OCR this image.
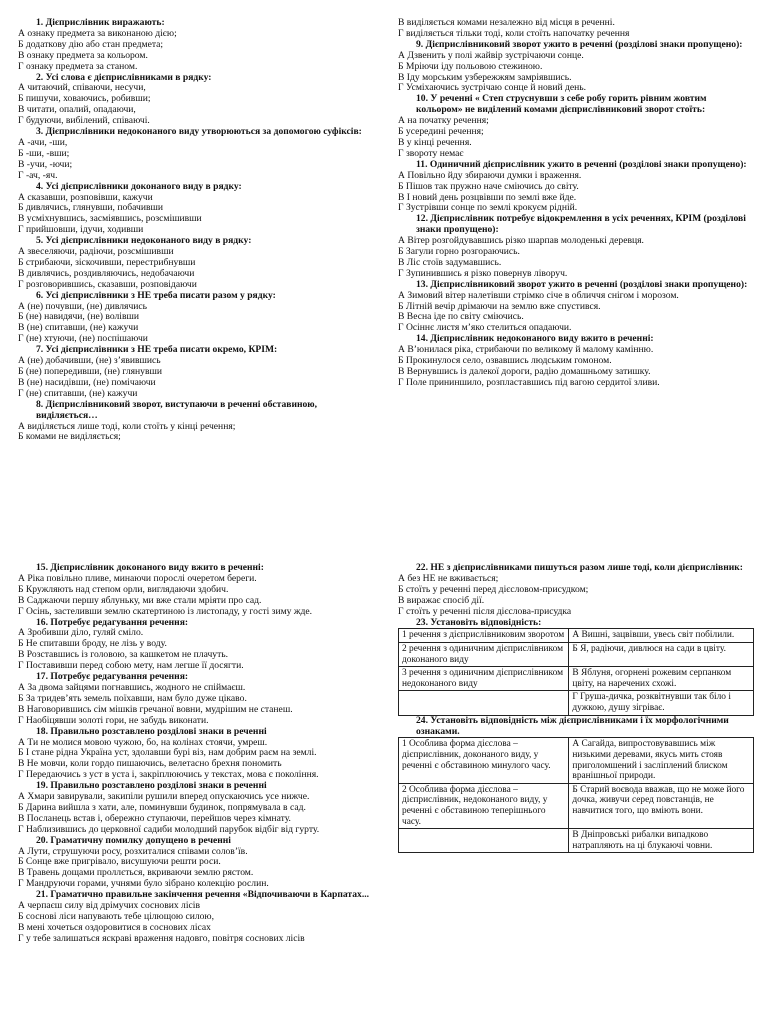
1. Дієприслівник виражають:
А ознаку предмета за виконаною дією;
Б додаткову дію або стан предмета;
В ознаку предмета за кольором.
Г ознаку предмета за станом.
2. Усі слова є дієприслівниками в рядку:
А читаючий, співаючи, несучи,
Б пишучи, ховаючись, робивши;
В читати, опалий, опадаючи,
Г будуючи, вибілений, співаючі.
3. Дієприслівники недоконаного виду утворюються за допомогою суфіксів:
А -ачи, -ши,
Б -ши, -вши;
В -учи, -ючи;
Г -ач, -яч.
4. Усі дієприслівники доконаного виду в рядку:
А сказавши, розповівши, кажучи
Б дивлячись, глянувши, побачивши
В усміхнувшись, засміявшись, розсмішивши
Г прийшовши, ідучи, ходивши
5. Усі дієприслівники недоконаного виду в рядку:
А звеселяючи, радіючи, розсмішивши
Б стрибаючи, зіскочивши, перестрибнувши
В дивлячись, роздивляючись, недобачаючи
Г розговорившись, сказавши, розповідаючи
6. Усі дієприслівники з НЕ треба писати разом у рядку:
А (не) почувши, (не) дивлячись
Б (не) навидячи, (не) волівши
В (не) спитавши, (не) кажучи
Г (не) хтуючи, (не) поспішаючи
7. Усі дієприслівники з НЕ треба писати окремо, КРІМ:
А (не) добачивши, (не) з’явившись
Б (не) попередивши, (не) глянувши
В (не) насидівши, (не) помічаючи
Г (не) спитавши, (не) кажучи
8. Дієприслівниковий зворот, виступаючи в реченні обставиною, виділяється…
А виділяється лише тоді, коли стоїть у кінці речення;
Б комами не виділяється;
В виділяється комами незалежно від місця в реченні.
Г виділяється тільки тоді, коли стоїть напочатку речення
9. Дієприслівниковий зворот ужито в реченні (розділові знаки пропущено):
А Дзвенить у полі жайвір зустрічаючи сонце.
Б Мріючи іду польовою стежиною.
В Іду морським узбережжям замріявшись.
Г Усміхаючись зустрічаю сонце й новий день.
10. У реченні « Степ струснувши з себе робу горить рівним жовтим кольором» не виділений комами дієприслівниковий зворот стоїть:
А на початку речення;
Б усередині речення;
В у кінці речення.
Г звороту немає
11. Одиничний дієприслівник ужито в реченні (розділові знаки пропущено):
А Повільно йду збираючи думки і враження.
Б Пішов так пружно наче сміючись до світу.
В І новий день розцвівши по землі вже йде.
Г Зустрівши сонце по землі крокуєм рідній.
12. Дієприслівник потребує відокремлення в усіх реченнях, КРІМ (розділові знаки пропущено):
А Вітер розгойдувавшись різко шарпав молоденькі деревця.
Б Загули горно розгораючись.
В Ліс стоїв задумавшись.
Г Зупинившись я різко повернув ліворуч.
13. Дієприслівниковий зворот ужито в реченні (розділові знаки пропущено):
А Зимовий вітер налетівши стрімко січе в обличчя снігом і морозом.
Б Літній вечір дрімаючи на землю вже спустився.
В Весна іде по світу сміючись.
Г Осіннє листя м’яко стелиться опадаючи.
14. Дієприслівник недоконаного виду вжито в реченні:
А В’юнилася ріка, стрибаючи по великому й малому камінню.
Б Прокинулося село, озвавшись людським гомоном.
В Вернувшись із далекої дороги, радію домашньому затишку.
Г Поле прининшило, розпластавшись під вагою сердитої зливи.
15. Дієприслівник доконаного виду вжито в реченні:
А Ріка повільно пливе, минаючи порослі очеретом береги.
Б Кружляють над степом орли, виглядаючи здобич.
В Саджаючи першу яблуньку, ми вже стали мріяти про сад.
Г Осінь, застеливши землю скатертиною із листопаду, у гості зиму жде.
16. Потребує редагування речення:
А Зробивши діло, гуляй сміло.
Б Не спитавши броду, не лізь у воду.
В Розставшись із головою, за кашкетом не плачуть.
Г Поставивши перед собою мету, нам легше її досягти.
17. Потребує редагування речення:
А За двома зайцями погнавшись, жодного не спіймаєш.
Б За тридев’ять земель поїхавши, нам було дуже цікаво.
В Наговорившись сім мішків гречаної вовни, мудрішим не станеш.
Г Наобіцявши золоті гори, не забудь виконати.
18. Правильно розставлено розділові знаки в реченні
А Ти не молися мовою чужою, бо, на колінах стоячи, умреш.
Б І стане рідна Україна уст, здолавши бурі віз, нам добрим раєм на землі.
В Не мовчи, коли гордо пишаючись, велетасно брехня пономить
Г Передаючись з уст в уста і, закріплюючись у текстах, мова є покоління.
19. Правильно розставлено розділові знаки в реченні
А Хмари завирували, закипіли рушили вперед опускаючись усе нижче.
Б Дарина вийшла з хати, але, поминувши будинок, попрямувала в сад.
В Посланець встав і, обережно ступаючи, перейшов через кімнату.
Г Наблизившись до церковної садиби молодший парубок відбіг від гурту.
20. Граматичну помилку допущено в реченні
А Лути, струшуючи росу, розхиталися співами солов’їв.
Б Сонце вже пригрівало, висушуючи решти роси.
В Травень дощами проллється, вкриваючи землю рястом.
Г Мандруючи горами, учнями було зібрано колекцію рослин.
21. Граматично правильне закінчення речення «Відпочиваючи в Карпатах...
А черпаєш силу від дрімучих соснових лісів
Б соснові ліси напувають тебе цілющою силою,
В мені хочеться оздоровитися в соснових лісах
Г у тебе залишаться яскраві враження надовго, повітря соснових лісів
22. НЕ з дієприслівниками пишуться разом лише тоді, коли дієприслівник:
А без НЕ не вживається;
Б стоїть у реченні перед дієсловом-присудком;
В виражає спосіб дії.
Г стоїть у реченні після дієслова-присудка
23. Установіть відповідність:
1 речення з дієприслівниковим зворотом	А Вишні, зацвівши, увесь світ побілили.
2 речення з одиничним дієприслівником доконаного виду	Б Я, радіючи, дивлюся на сади в цвіту.
3 речення з одиничним дієприслівником недоконаного виду	В Яблуня, огорнені рожевим серпанком цвіту, на наречених схожі.
	Г Груша-дичка, розквітнувши так біло і дужкою, душу зігріває.
24. Установіть відповідність між дієприслівниками і їх морфологічними ознаками.
1 Особлива форма дієслова – дієприслівник, доконаного виду, у реченні є обставиною минулого часу.	А Сагайда, випростовувавшись між низькими деревами, якусь мить стояв приголомшений і засліплений блиском вранішньої природи.
2 Особлива форма дієслова – дієприслівник, недоконаного виду, у реченні є обставиною теперішнього часу.	Б Старий воєвода вважав, що не може його дочка, живучи серед повстанців, не навчитися того, що вміють вони.
	В Дніпровські рибалки випадково натрапляють на ці блукаючі човни.
